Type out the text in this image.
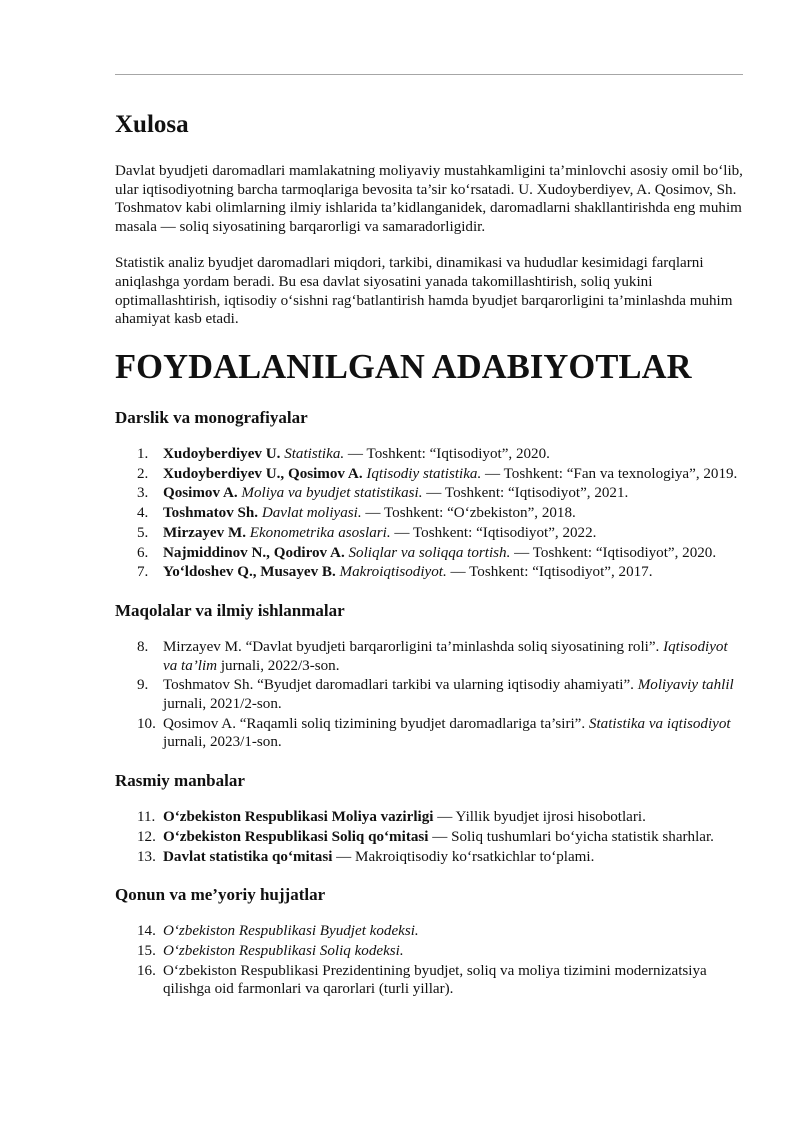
Xulosa

Davlat byudjeti daromadlari mamlakatning moliyaviy mustahkamligini ta’minlovchi asosiy omil bo‘lib, ular iqtisodiyotning barcha tarmoqlariga bevosita ta’sir ko‘rsatadi. U. Xudoyberdiyev, A. Qosimov, Sh. Toshmatov kabi olimlarning ilmiy ishlarida ta’kidlanganidek, daromadlarni shakllantirishda eng muhim masala — soliq siyosatining barqarorligi va samaradorligidir.

Statistik analiz byudjet daromadlari miqdori, tarkibi, dinamikasi va hududlar kesimidagi farqlarni aniqlashga yordam beradi. Bu esa davlat siyosatini yanada takomillashtirish, soliq yukini optimallashtirish, iqtisodiy o‘sishni rag‘batlantirish hamda byudjet barqarorligini ta’minlashda muhim ahamiyat kasb etadi.

FOYDALANILGAN ADABIYOTLAR
Darslik va monografiyalar
1. Xudoyberdiyev U. Statistika. — Toshkent: “Iqtisodiyot”, 2020.
2. Xudoyberdiyev U., Qosimov A. Iqtisodiy statistika. — Toshkent: “Fan va texnologiya”, 2019.
3. Qosimov A. Moliya va byudjet statistikasi. — Toshkent: “Iqtisodiyot”, 2021.
4. Toshmatov Sh. Davlat moliyasi. — Toshkent: “O‘zbekiston”, 2018.
5. Mirzayev M. Ekonometrika asoslari. — Toshkent: “Iqtisodiyot”, 2022.
6. Najmiddinov N., Qodirov A. Soliqlar va soliqqa tortish. — Toshkent: “Iqtisodiyot”, 2020.
7. Yo‘ldoshev Q., Musayev B. Makroiqtisodiyot. — Toshkent: “Iqtisodiyot”, 2017.
Maqolalar va ilmiy ishlanmalar
8. Mirzayev M. “Davlat byudjeti barqarorligini ta’minlashda soliq siyosatining roli”. Iqtisodiyot va ta’lim jurnali, 2022/3-son.
9. Toshmatov Sh. “Byudjet daromadlari tarkibi va ularning iqtisodiy ahamiyati”. Moliyaviy tahlil jurnali, 2021/2-son.
10. Qosimov A. “Raqamli soliq tizimining byudjet daromadlariga ta’siri”. Statistika va iqtisodiyot jurnali, 2023/1-son.
Rasmiy manbalar
11. O‘zbekiston Respublikasi Moliya vazirligi — Yillik byudjet ijrosi hisobotlari.
12. O‘zbekiston Respublikasi Soliq qo‘mitasi — Soliq tushumlari bo‘yicha statistik sharhlar.
13. Davlat statistika qo‘mitasi — Makroiqtisodiy ko‘rsatkichlar to‘plami.
Qonun va me’yoriy hujjatlar
14. O‘zbekiston Respublikasi Byudjet kodeksi.
15. O‘zbekiston Respublikasi Soliq kodeksi.
16. O‘zbekiston Respublikasi Prezidentining byudjet, soliq va moliya tizimini modernizatsiya qilishga oid farmonlari va qarorlari (turli yillar).
